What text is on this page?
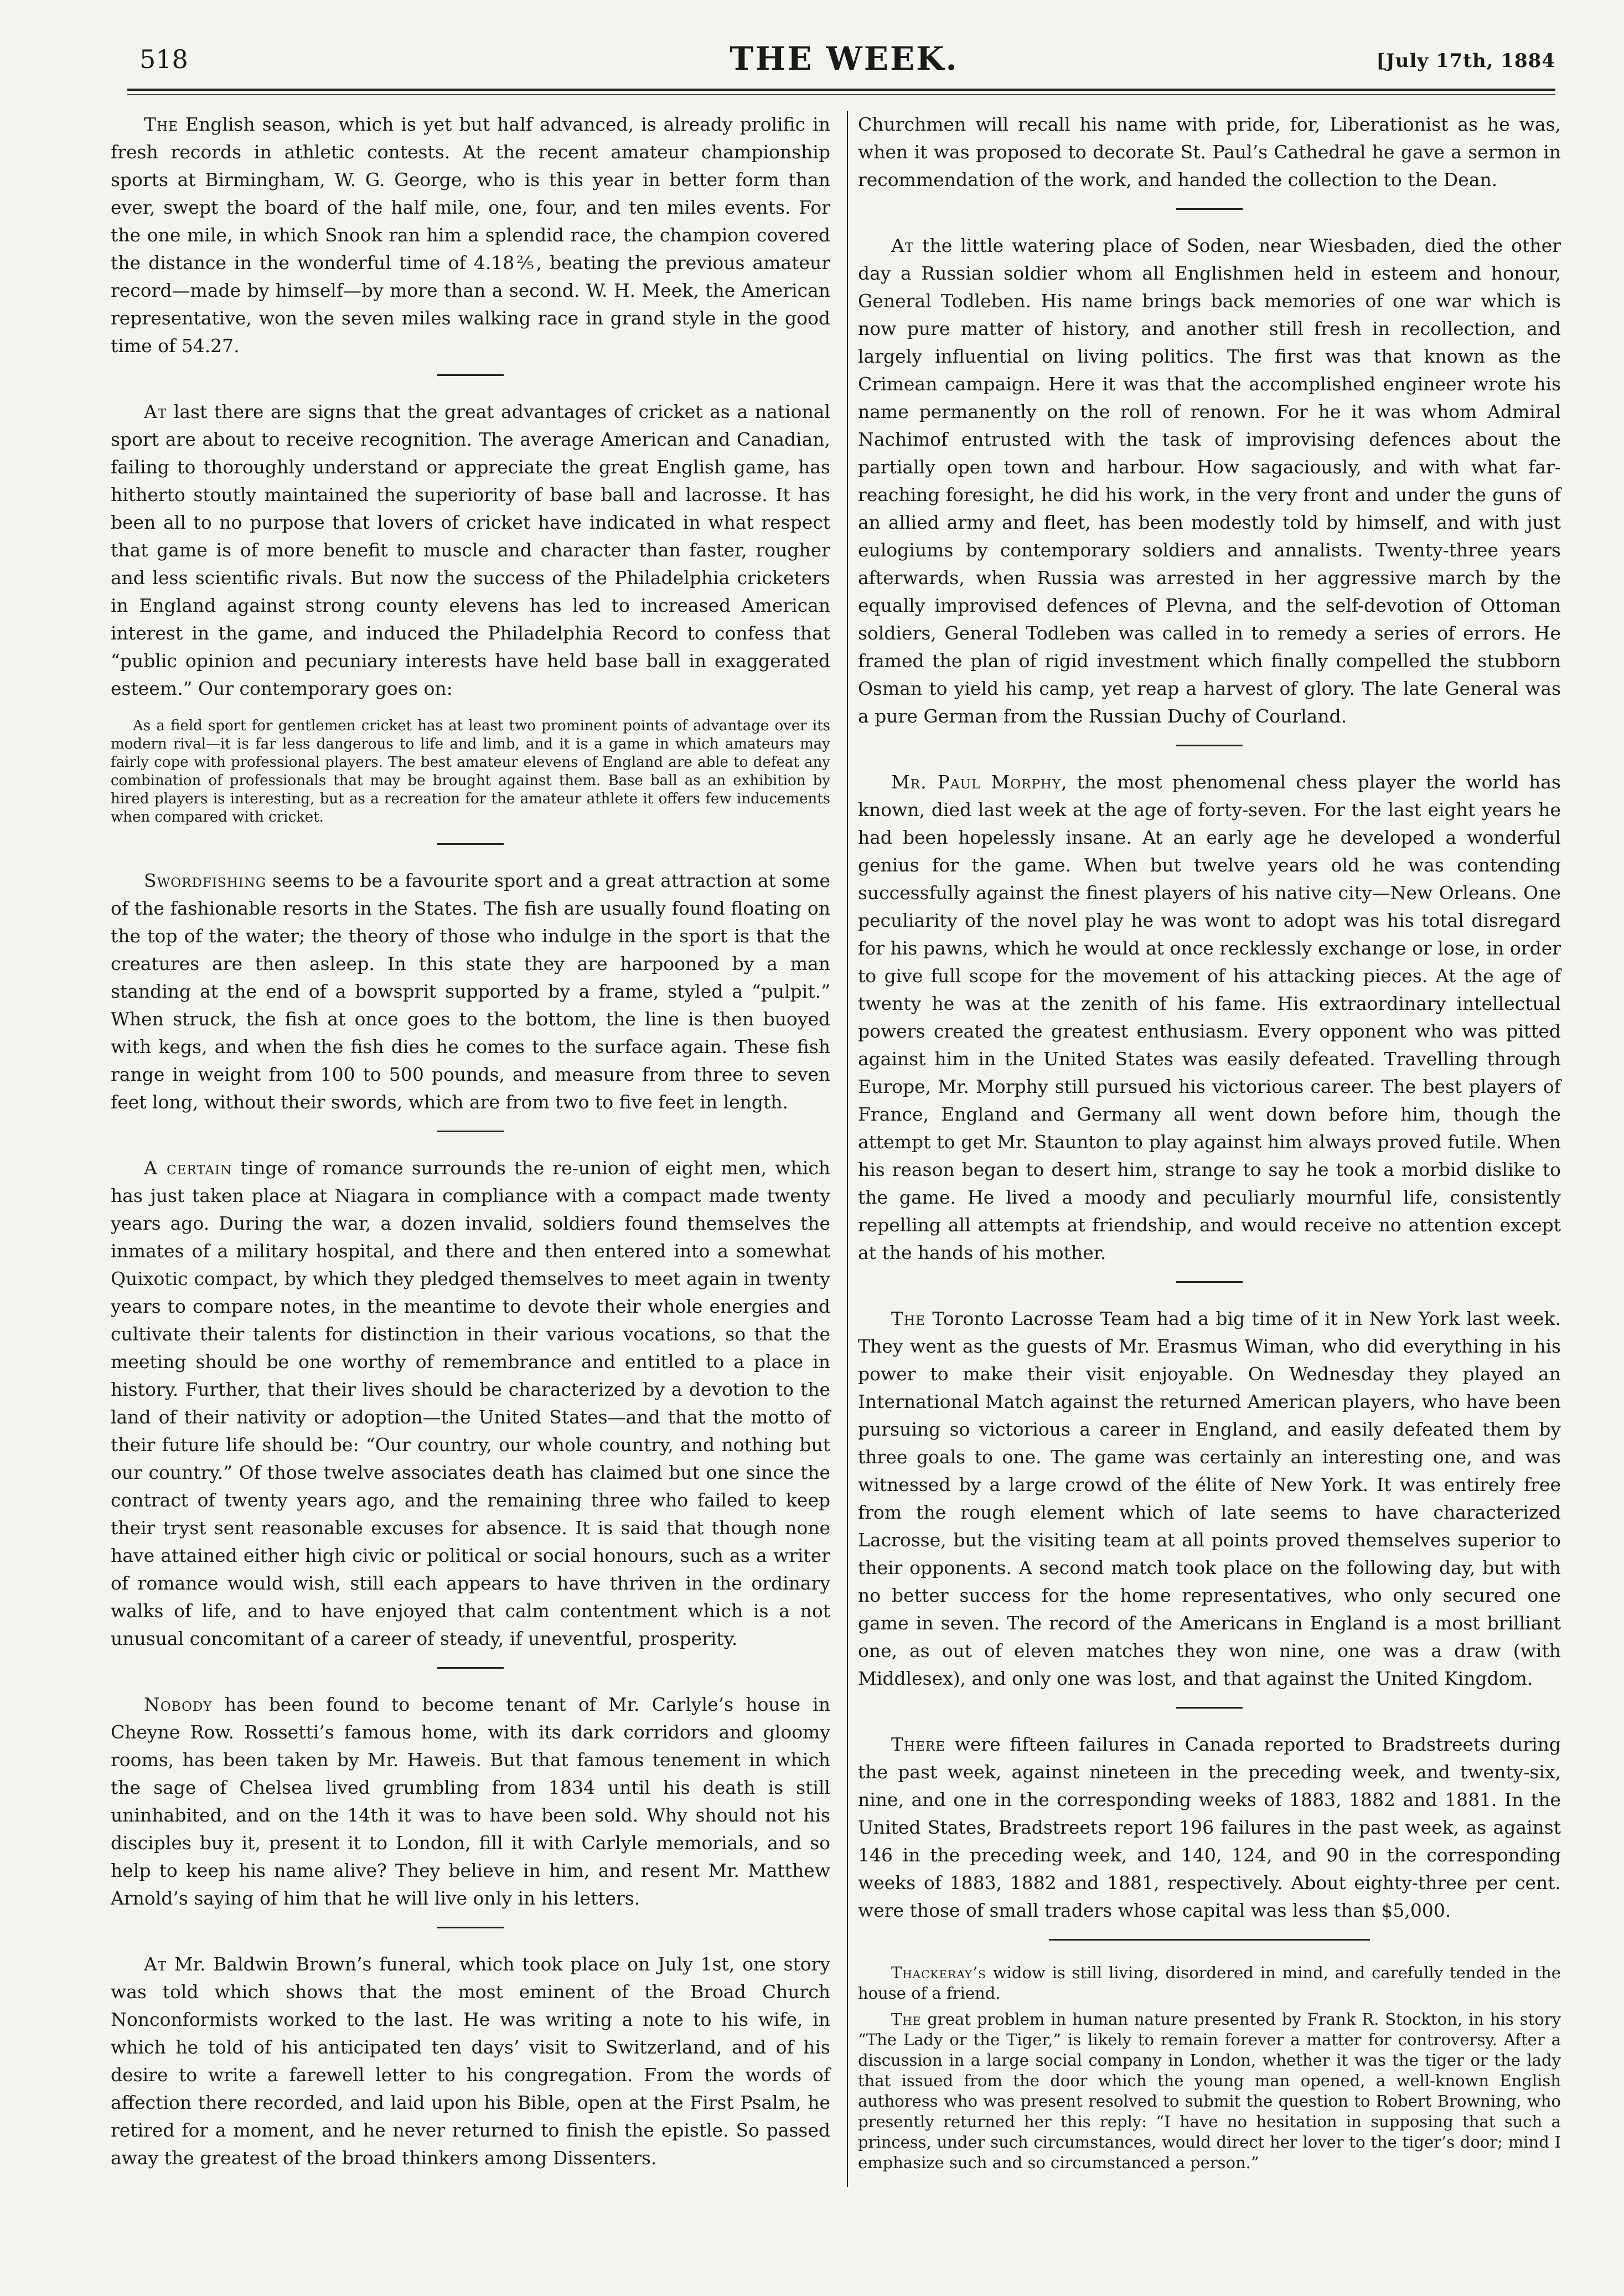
518	THE WEEK.	[July 17th, 1884

The English season, which is yet but half advanced, is already prolific in fresh records in athletic contests. At the recent amateur championship sports at Birmingham, W. G. George, who is this year in better form than ever, swept the board of the half mile, one, four, and ten miles events. For the one mile, in which Snook ran him a splendid race, the champion covered the distance in the wonderful time of 4.18⅖, beating the previous amateur record—made by himself—by more than a second. W. H. Meek, the American representative, won the seven miles walking race in grand style in the good time of 54.27.

At last there are signs that the great advantages of cricket as a national sport are about to receive recognition. The average American and Canadian, failing to thoroughly understand or appreciate the great English game, has hitherto stoutly maintained the superiority of base ball and lacrosse. It has been all to no purpose that lovers of cricket have indicated in what respect that game is of more benefit to muscle and character than faster, rougher and less scientific rivals. But now the success of the Philadelphia cricketers in England against strong county elevens has led to increased American interest in the game, and induced the Philadelphia Record to confess that “public opinion and pecuniary interests have held base ball in exaggerated esteem.” Our contemporary goes on:

As a field sport for gentlemen cricket has at least two prominent points of advantage over its modern rival—it is far less dangerous to life and limb, and it is a game in which amateurs may fairly cope with professional players. The best amateur elevens of England are able to defeat any combination of professionals that may be brought against them. Base ball as an exhibition by hired players is interesting, but as a recreation for the amateur athlete it offers few inducements when compared with cricket.

Swordfishing seems to be a favourite sport and a great attraction at some of the fashionable resorts in the States. The fish are usually found floating on the top of the water; the theory of those who indulge in the sport is that the creatures are then asleep. In this state they are harpooned by a man standing at the end of a bowsprit supported by a frame, styled a “pulpit.” When struck, the fish at once goes to the bottom, the line is then buoyed with kegs, and when the fish dies he comes to the surface again. These fish range in weight from 100 to 500 pounds, and measure from three to seven feet long, without their swords, which are from two to five feet in length.

A certain tinge of romance surrounds the re-union of eight men, which has just taken place at Niagara in compliance with a compact made twenty years ago. During the war, a dozen invalid, soldiers found themselves the inmates of a military hospital, and there and then entered into a somewhat Quixotic compact, by which they pledged themselves to meet again in twenty years to compare notes, in the meantime to devote their whole energies and cultivate their talents for distinction in their various vocations, so that the meeting should be one worthy of remembrance and entitled to a place in history. Further, that their lives should be characterized by a devotion to the land of their nativity or adoption—the United States—and that the motto of their future life should be: “Our country, our whole country, and nothing but our country.” Of those twelve associates death has claimed but one since the contract of twenty years ago, and the remaining three who failed to keep their tryst sent reasonable excuses for absence. It is said that though none have attained either high civic or political or social honours, such as a writer of romance would wish, still each appears to have thriven in the ordinary walks of life, and to have enjoyed that calm contentment which is a not unusual concomitant of a career of steady, if uneventful, prosperity.

Nobody has been found to become tenant of Mr. Carlyle’s house in Cheyne Row. Rossetti’s famous home, with its dark corridors and gloomy rooms, has been taken by Mr. Haweis. But that famous tenement in which the sage of Chelsea lived grumbling from 1834 until his death is still uninhabited, and on the 14th it was to have been sold. Why should not his disciples buy it, present it to London, fill it with Carlyle memorials, and so help to keep his name alive? They believe in him, and resent Mr. Matthew Arnold’s saying of him that he will live only in his letters.

At Mr. Baldwin Brown’s funeral, which took place on July 1st, one story was told which shows that the most eminent of the Broad Church Nonconformists worked to the last. He was writing a note to his wife, in which he told of his anticipated ten days’ visit to Switzerland, and of his desire to write a farewell letter to his congregation. From the words of affection there recorded, and laid upon his Bible, open at the First Psalm, he retired for a moment, and he never returned to finish the epistle. So passed away the greatest of the broad thinkers among Dissenters.

Churchmen will recall his name with pride, for, Liberationist as he was, when it was proposed to decorate St. Paul’s Cathedral he gave a sermon in recommendation of the work, and handed the collection to the Dean.

At the little watering place of Soden, near Wiesbaden, died the other day a Russian soldier whom all Englishmen held in esteem and honour, General Todleben. His name brings back memories of one war which is now pure matter of history, and another still fresh in recollection, and largely influential on living politics. The first was that known as the Crimean campaign. Here it was that the accomplished engineer wrote his name permanently on the roll of renown. For he it was whom Admiral Nachimof entrusted with the task of improvising defences about the partially open town and harbour. How sagaciously, and with what far-reaching foresight, he did his work, in the very front and under the guns of an allied army and fleet, has been modestly told by himself, and with just eulogiums by contemporary soldiers and annalists. Twenty-three years afterwards, when Russia was arrested in her aggressive march by the equally improvised defences of Plevna, and the self-devotion of Ottoman soldiers, General Todleben was called in to remedy a series of errors. He framed the plan of rigid investment which finally compelled the stubborn Osman to yield his camp, yet reap a harvest of glory. The late General was a pure German from the Russian Duchy of Courland.

Mr. Paul Morphy, the most phenomenal chess player the world has known, died last week at the age of forty-seven. For the last eight years he had been hopelessly insane. At an early age he developed a wonderful genius for the game. When but twelve years old he was contending successfully against the finest players of his native city—New Orleans. One peculiarity of the novel play he was wont to adopt was his total disregard for his pawns, which he would at once recklessly exchange or lose, in order to give full scope for the movement of his attacking pieces. At the age of twenty he was at the zenith of his fame. His extraordinary intellectual powers created the greatest enthusiasm. Every opponent who was pitted against him in the United States was easily defeated. Travelling through Europe, Mr. Morphy still pursued his victorious career. The best players of France, England and Germany all went down before him, though the attempt to get Mr. Staunton to play against him always proved futile. When his reason began to desert him, strange to say he took a morbid dislike to the game. He lived a moody and peculiarly mournful life, consistently repelling all attempts at friendship, and would receive no attention except at the hands of his mother.

The Toronto Lacrosse Team had a big time of it in New York last week. They went as the guests of Mr. Erasmus Wiman, who did everything in his power to make their visit enjoyable. On Wednesday they played an International Match against the returned American players, who have been pursuing so victorious a career in England, and easily defeated them by three goals to one. The game was certainly an interesting one, and was witnessed by a large crowd of the élite of New York. It was entirely free from the rough element which of late seems to have characterized Lacrosse, but the visiting team at all points proved themselves superior to their opponents. A second match took place on the following day, but with no better success for the home representatives, who only secured one game in seven. The record of the Americans in England is a most brilliant one, as out of eleven matches they won nine, one was a draw (with Middlesex), and only one was lost, and that against the United Kingdom.

There were fifteen failures in Canada reported to Bradstreets during the past week, against nineteen in the preceding week, and twenty-six, nine, and one in the corresponding weeks of 1883, 1882 and 1881. In the United States, Bradstreets report 196 failures in the past week, as against 146 in the preceding week, and 140, 124, and 90 in the corresponding weeks of 1883, 1882 and 1881, respectively. About eighty-three per cent. were those of small traders whose capital was less than $5,000.

Thackeray’s widow is still living, disordered in mind, and carefully tended in the house of a friend.

The great problem in human nature presented by Frank R. Stockton, in his story “The Lady or the Tiger,” is likely to remain forever a matter for controversy. After a discussion in a large social company in London, whether it was the tiger or the lady that issued from the door which the young man opened, a well-known English authoress who was present resolved to submit the question to Robert Browning, who presently returned her this reply: “I have no hesitation in supposing that such a princess, under such circumstances, would direct her lover to the tiger’s door; mind I emphasize such and so circumstanced a person.”
